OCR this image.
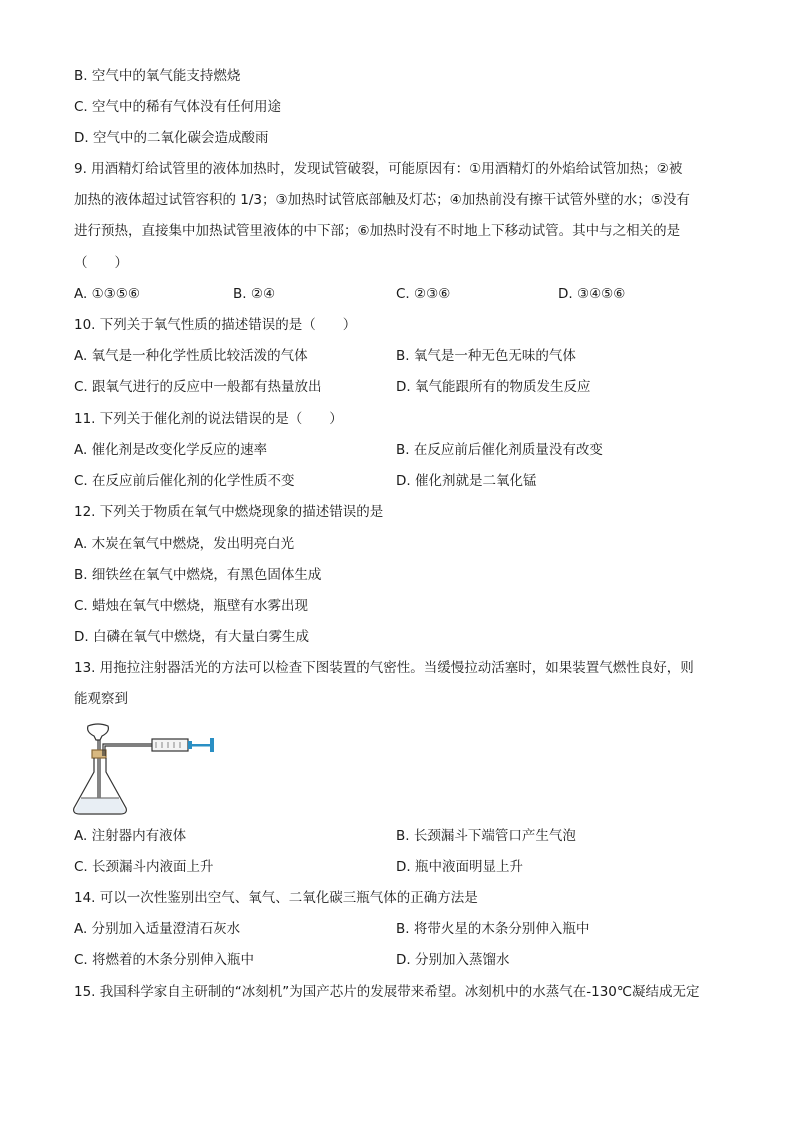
B. 空气中的氧气能支持燃烧
C. 空气中的稀有气体没有任何用途
D. 空气中的二氧化碳会造成酸雨
9. 用酒精灯给试管里的液体加热时，发现试管破裂，可能原因有：①用酒精灯的外焰给试管加热；②被
加热的液体超过试管容积的 1/3；③加热时试管底部触及灯芯；④加热前没有擦干试管外壁的水；⑤没有
进行预热，直接集中加热试管里液体的中下部；⑥加热时没有不时地上下移动试管。其中与之相关的是
（　　）
A. ①③⑤⑥	B. ②④	C. ②③⑥	D. ③④⑤⑥
10. 下列关于氧气性质的描述错误的是（　　）
A. 氧气是一种化学性质比较活泼的气体	B. 氧气是一种无色无味的气体
C. 跟氧气进行的反应中一般都有热量放出	D. 氧气能跟所有的物质发生反应
11. 下列关于催化剂的说法错误的是（　　）
A. 催化剂是改变化学反应的速率	B. 在反应前后催化剂质量没有改变
C. 在反应前后催化剂的化学性质不变	D. 催化剂就是二氧化锰
12. 下列关于物质在氧气中燃烧现象的描述错误的是
A. 木炭在氧气中燃烧，发出明亮白光
B. 细铁丝在氧气中燃烧，有黑色固体生成
C. 蜡烛在氧气中燃烧，瓶壁有水雾出现
D. 白磷在氧气中燃烧，有大量白雾生成
13. 用拖拉注射器活光的方法可以检查下图装置的气密性。当缓慢拉动活塞时，如果装置气燃性良好，则
能观察到
A. 注射器内有液体	B. 长颈漏斗下端管口产生气泡
C. 长颈漏斗内液面上升	D. 瓶中液面明显上升
14. 可以一次性鉴别出空气、氧气、二氧化碳三瓶气体的正确方法是
A. 分别加入适量澄清石灰水	B. 将带火星的木条分别伸入瓶中
C. 将燃着的木条分别伸入瓶中	D. 分别加入蒸馏水
15. 我国科学家自主研制的“冰刻机”为国产芯片的发展带来希望。冰刻机中的水蒸气在-130℃凝结成无定
